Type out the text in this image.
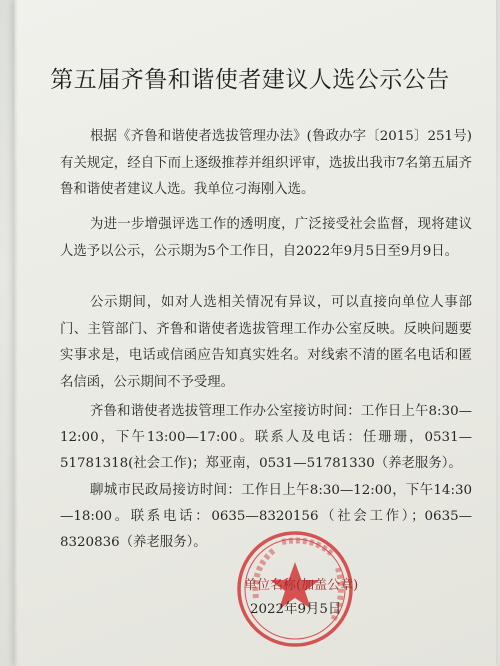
第五届齐鲁和谐使者建议人选公示公告

根据《齐鲁和谐使者选拔管理办法》(鲁政办字〔2015〕251号)有关规定，经自下而上逐级推荐并组织评审，选拔出我市7名第五届齐鲁和谐使者建议人选。我单位刁海刚入选。

为进一步增强评选工作的透明度，广泛接受社会监督，现将建议人选予以公示，公示期为5个工作日，自2022年9月5日至9月9日。

公示期间，如对人选相关情况有异议，可以直接向单位人事部门、主管部门、齐鲁和谐使者选拔管理工作办公室反映。反映问题要实事求是，电话或信函应告知真实姓名。对线索不清的匿名电话和匿名信函，公示期间不予受理。

齐鲁和谐使者选拔管理工作办公室接访时间：工作日上午8:30—12:00，下午13:00—17:00。联系人及电话：任珊珊，0531—51781318(社会工作)；郑亚南，0531—51781330（养老服务）。

聊城市民政局接访时间：工作日上午8:30—12:00，下午14:30—18:00。联系电话：0635—8320156（社会工作）；0635—8320836（养老服务）。

单位名称(加盖公章)

2022年9月5日
